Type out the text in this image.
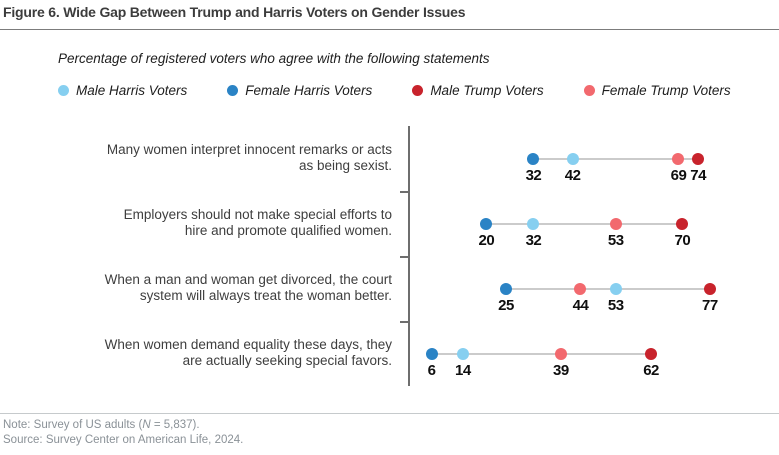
Figure 6. Wide Gap Between Trump and Harris Voters on Gender Issues
Percentage of registered voters who agree with the following statements
Male Harris Voters	Female Harris Voters	Male Trump Voters	Female Trump Voters
Many women interpret innocent remarks or acts
as being sexist.
32	42	69 74
Employers should not make special efforts to
hire and promote qualified women.
20	32	53	70
When a man and woman get divorced, the court
system will always treat the woman better.
25	44	53	77
When women demand equality these days, they
are actually seeking special favors.
6	14	39	62
Note: Survey of US adults (N = 5,837).
Source: Survey Center on American Life, 2024.
